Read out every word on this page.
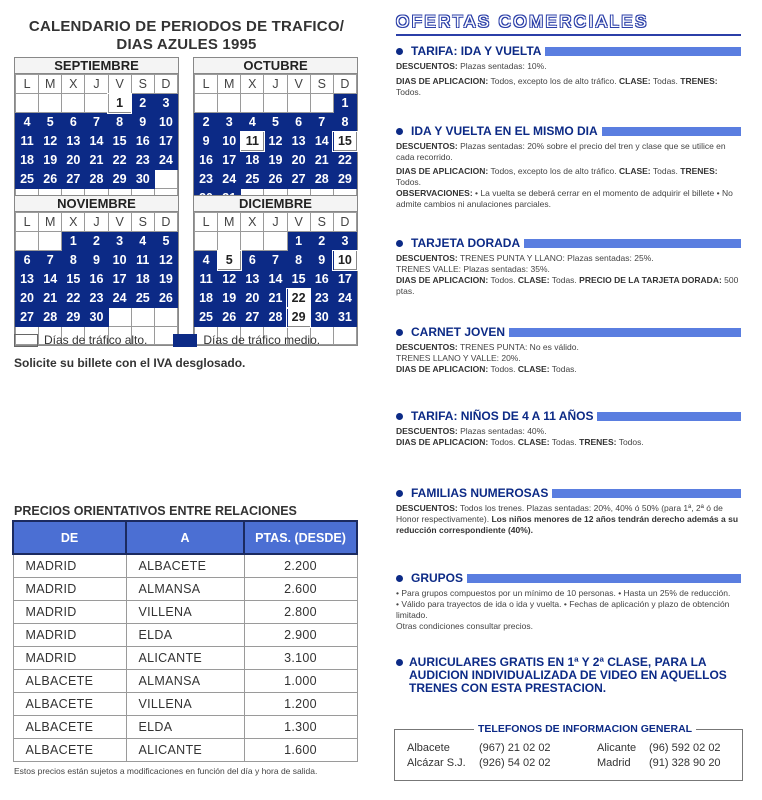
CALENDARIO DE PERIODOS DE TRAFICO/
DIAS AZULES 1995
SEPTIEMBRE
L	M	X	J	V	S	D
				1	2	3
4	5	6	7	8	9	10
11	12	13	14	15	16	17
18	19	20	21	22	23	24
25	26	27	28	29	30	

OCTUBRE
L	M	X	J	V	S	D
						1
2	3	4	5	6	7	8
9	10	11	12	13	14	15
16	17	18	19	20	21	22
23	24	25	26	27	28	29

NOVIEMBRE
L	M	X	J	V	S	D
		1	2	3	4	5
6	7	8	9	10	11	12
13	14	15	16	17	18	19
20	21	22	23	24	25	26
27	28	29	30			

DICIEMBRE
L	M	X	J	V	S	D
				1	2	3
4	5	6	7	8	9	10
11	12	13	14	15	16	17
18	19	20	21	22	23	24
25	26	27	28	29	30	31

Días de tráfico alto.	Días de tráfico medio.
Solicite su billete con el IVA desglosado.
PRECIOS ORIENTATIVOS ENTRE RELACIONES
DE	A	PTAS. (DESDE)
MADRID	ALBACETE	2.200
MADRID	ALMANSA	2.600
MADRID	VILLENA	2.800
MADRID	ELDA	2.900
MADRID	ALICANTE	3.100
ALBACETE	ALMANSA	1.000
ALBACETE	VILLENA	1.200
ALBACETE	ELDA	1.300
ALBACETE	ALICANTE	1.600
Estos precios están sujetos a modificaciones en función del día y hora de salida.
OFERTAS COMERCIALES
TARIFA: IDA Y VUELTA
DESCUENTOS: Plazas sentadas: 10%.
DIAS DE APLICACION: Todos, excepto los de alto tráfico. CLASE: Todas. TRENES: Todos.
IDA Y VUELTA EN EL MISMO DIA
DESCUENTOS: Plazas sentadas: 20% sobre el precio del tren y clase que se utilice en cada recorrido.
DIAS DE APLICACION: Todos, excepto los de alto tráfico. CLASE: Todas. TRENES: Todos.
OBSERVACIONES: • La vuelta se deberá cerrar en el momento de adquirir el billete • No admite cambios ni anulaciones parciales.
TARJETA DORADA
DESCUENTOS: TRENES PUNTA Y LLANO: Plazas sentadas: 25%.
TRENES VALLE: Plazas sentadas: 35%.
DIAS DE APLICACION: Todos. CLASE: Todas. PRECIO DE LA TARJETA DORADA: 500 ptas.
CARNET JOVEN
DESCUENTOS: TRENES PUNTA: No es válido.
TRENES LLANO Y VALLE: 20%.
DIAS DE APLICACION: Todos. CLASE: Todas.
TARIFA: NIÑOS DE 4 A 11 AÑOS
DESCUENTOS: Plazas sentadas: 40%.
DIAS DE APLICACION: Todos. CLASE: Todas. TRENES: Todos.
FAMILIAS NUMEROSAS
DESCUENTOS: Todos los trenes. Plazas sentadas: 20%, 40% ó 50% (para 1ª, 2ª ó de Honor respectivamente). Los niños menores de 12 años tendrán derecho además a su reducción correspondiente (40%).
GRUPOS
• Para grupos compuestos por un mínimo de 10 personas. • Hasta un 25% de reducción.
• Válido para trayectos de ida o ida y vuelta. • Fechas de aplicación y plazo de obtención limitado.
Otras condiciones consultar precios.
AURICULARES GRATIS EN 1ª Y 2ª CLASE, PARA LA AUDICION INDIVIDUALIZADA DE VIDEO EN AQUELLOS TRENES CON ESTA PRESTACION.
TELEFONOS DE INFORMACION GENERAL
Albacete	(967) 21 02 02	Alicante	(96) 592 02 02
Alcázar S.J.	(926) 54 02 02	Madrid	(91) 328 90 20
